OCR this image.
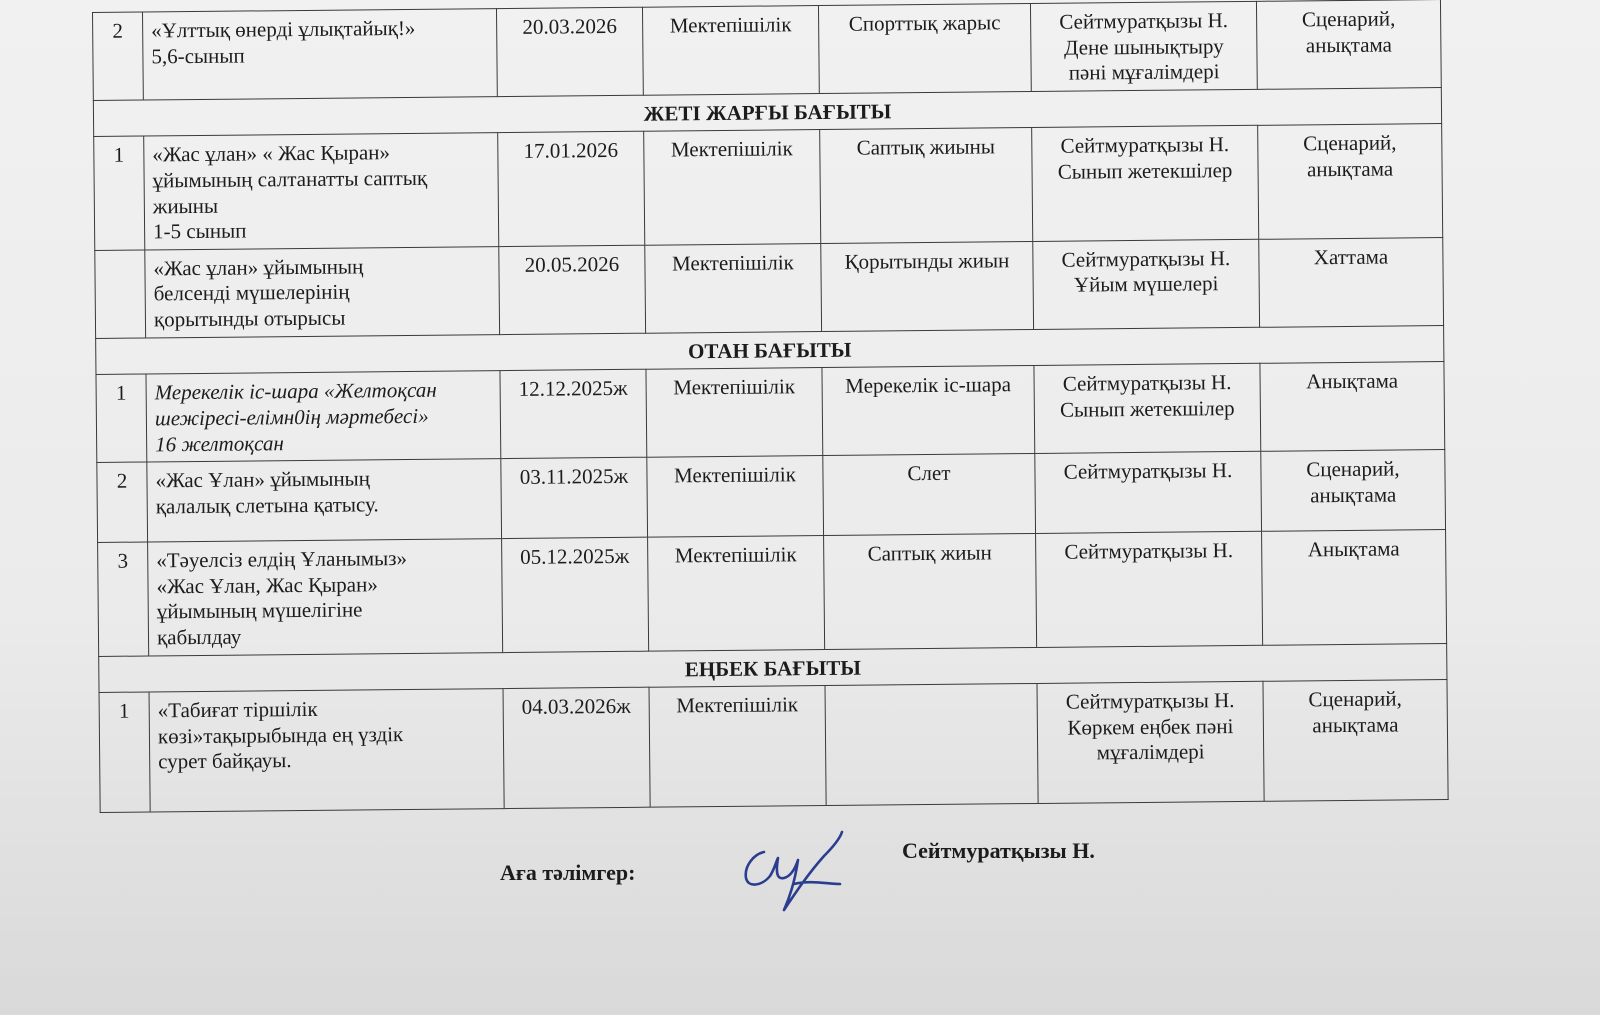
2	«Ұлттық өнерді ұлықтайық!»
5,6-сынып	20.03.2026	Мектепішілік	Спорттық жарыс	Сейтмуратқызы Н.
Дене шынықтыру
пәні мұғалімдері	Сценарий,
анықтама

ЖЕТІ ЖАРҒЫ БАҒЫТЫ						
1	«Жас ұлан» « Жас Қыран»
ұйымының салтанатты саптық
жиыны
1-5 сынып	17.01.2026	Мектепішілік	Саптық жиыны	Сейтмуратқызы Н.
Сынып жетекшілер	Сценарий,
анықтама

	«Жас ұлан» ұйымының
белсенді мүшелерінің
қорытынды отырысы	20.05.2026	Мектепішілік	Қорытынды жиын	Сейтмуратқызы Н.
Ұйым мүшелері	Хаттама

ОТАН БАҒЫТЫ						
1	Мерекелік іс-шара «Желтоқсан
шежіресі-елімн0ің мәртебесі»
16 желтоқсан	12.12.2025ж	Мектепішілік	Мерекелік іс-шара	Сейтмуратқызы Н.
Сынып жетекшілер	Анықтама

2	«Жас Ұлан» ұйымының
қалалық слетына қатысу.	03.11.2025ж	Мектепішілік	Слет	Сейтмуратқызы Н.	Сценарий,
анықтама

3	«Тәуелсіз елдің Ұланымыз»
«Жас Ұлан, Жас Қыран»
ұйымының мүшелігіне
қабылдау	05.12.2025ж	Мектепішілік	Саптық жиын	Сейтмуратқызы Н.	Анықтама

ЕҢБЕК БАҒЫТЫ						
1	«Табиғат тіршілік
көзі»тақырыбында ең үздік
сурет байқауы.	04.03.2026ж	Мектепішілік		Сейтмуратқызы Н.
Көркем еңбек пәні
мұғалімдері	Сценарий,
анықтама
Аға тәлімгер:
Сейтмуратқызы Н.
